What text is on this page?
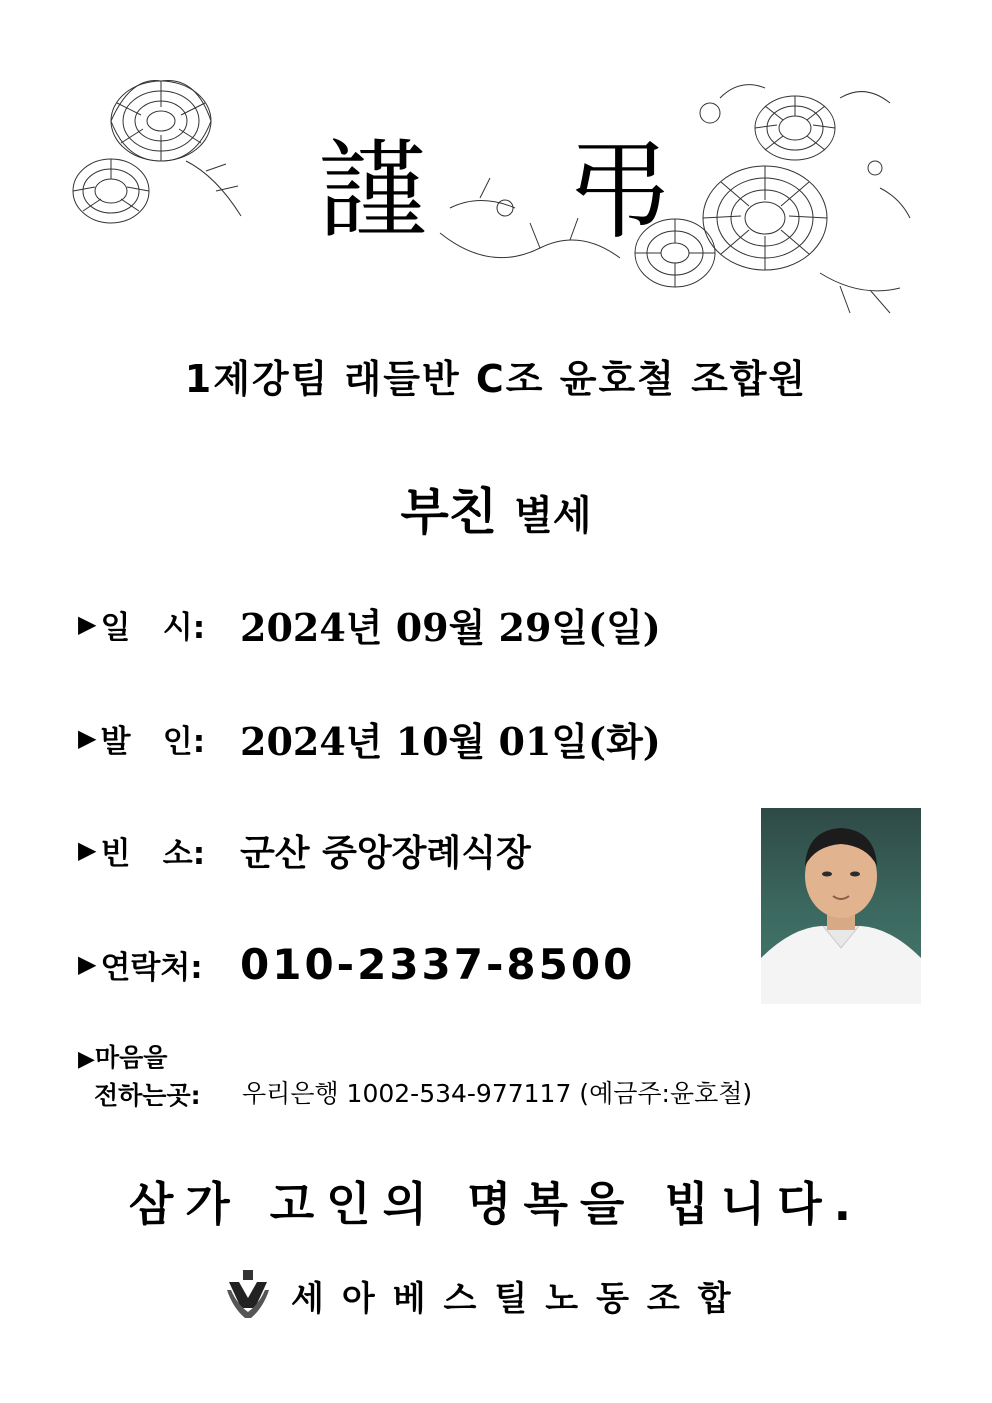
謹 弔
1제강팀 래들반 C조 윤호철 조합원
부친 별세
▶ 일   시: 2024년 09월 29일(일)
▶ 발   인: 2024년 10월 01일(화)
▶ 빈   소: 군산 중앙장례식장
▶ 연락처: 010-2337-8500
▶마음을
전하는곳:	우리은행 1002-534-977117 (예금주:윤호철)
삼가 고인의 명복을 빕니다.
세아베스틸노동조합
